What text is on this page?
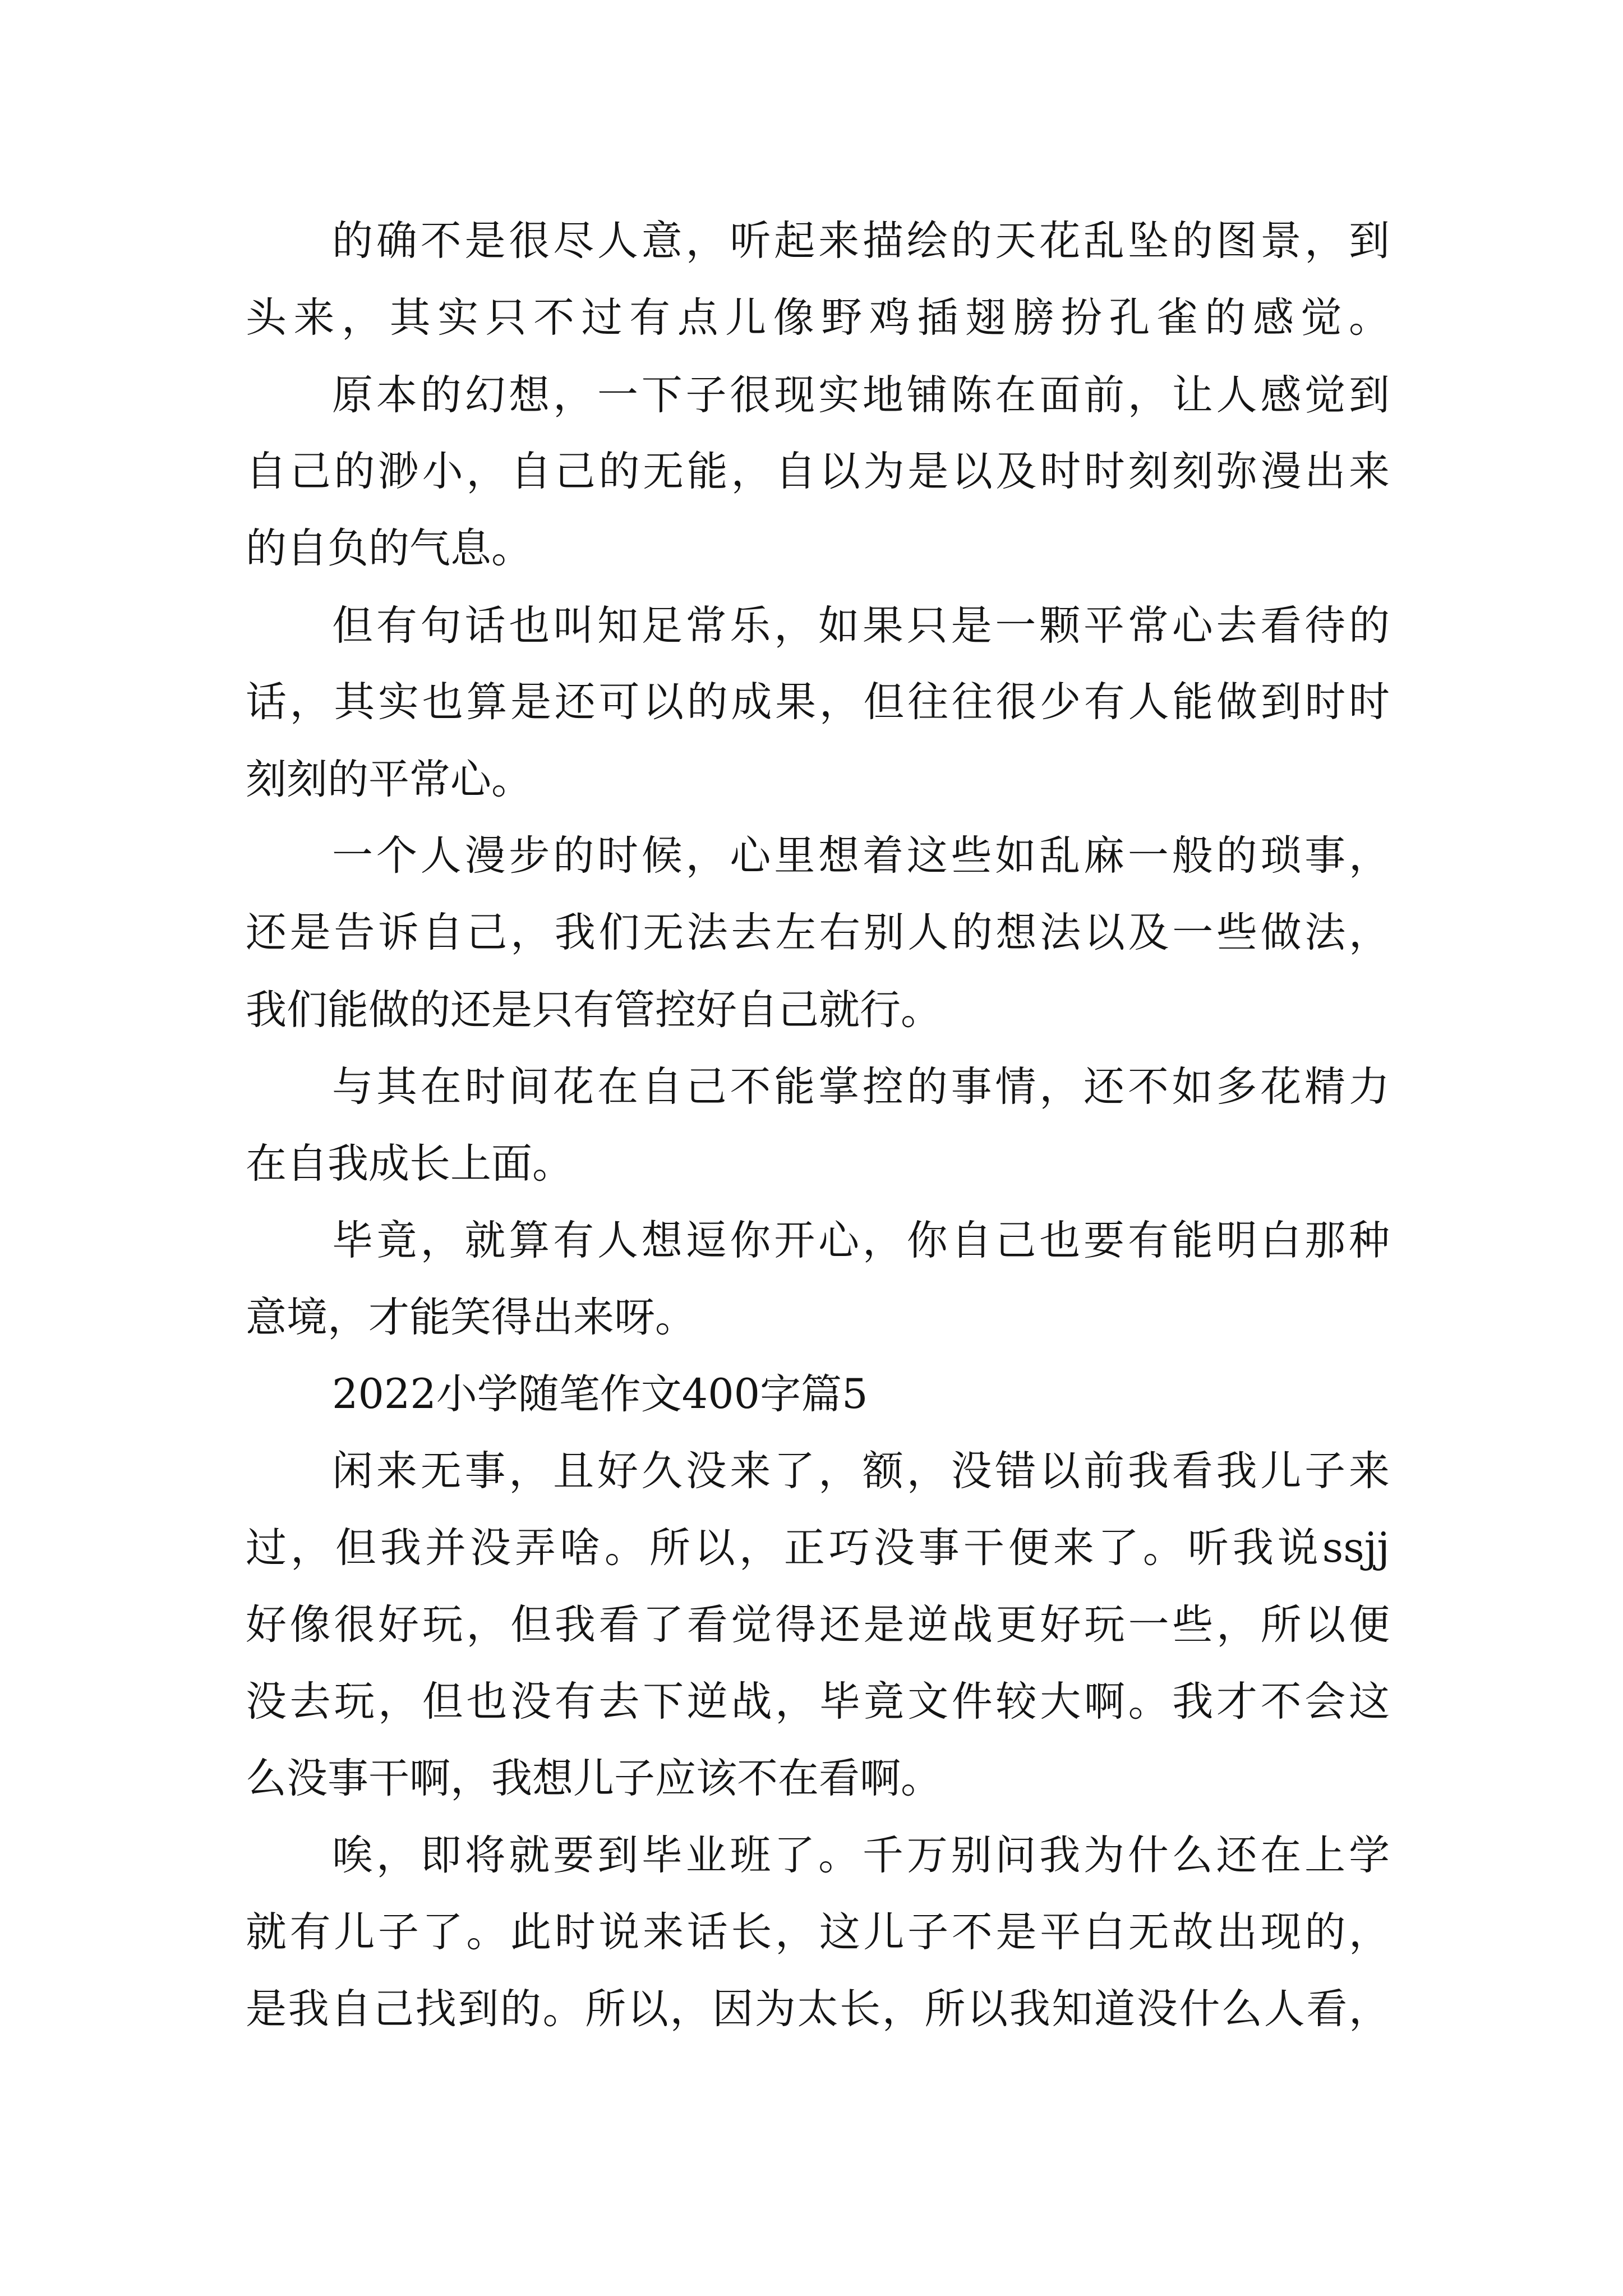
的确不是很尽人意，听起来描绘的天花乱坠的图景，到

头来，其实只不过有点儿像野鸡插翅膀扮孔雀的感觉。

原本的幻想，一下子很现实地铺陈在面前，让人感觉到

自己的渺小，自己的无能，自以为是以及时时刻刻弥漫出来

的自负的气息。

但有句话也叫知足常乐，如果只是一颗平常心去看待的

话，其实也算是还可以的成果，但往往很少有人能做到时时

刻刻的平常心。

一个人漫步的时候，心里想着这些如乱麻一般的琐事，

还是告诉自己，我们无法去左右别人的想法以及一些做法，

我们能做的还是只有管控好自己就行。

与其在时间花在自己不能掌控的事情，还不如多花精力

在自我成长上面。

毕竟，就算有人想逗你开心，你自己也要有能明白那种

意境，才能笑得出来呀。

2022小学随笔作文400字篇5

闲来无事，且好久没来了，额，没错以前我看我儿子来

过，但我并没弄啥。所以，正巧没事干便来了。听我说ssjj

好像很好玩，但我看了看觉得还是逆战更好玩一些，所以便

没去玩，但也没有去下逆战，毕竟文件较大啊。我才不会这

么没事干啊，我想儿子应该不在看啊。

唉，即将就要到毕业班了。千万别问我为什么还在上学

就有儿子了。此时说来话长，这儿子不是平白无故出现的，

是我自己找到的。所以，因为太长，所以我知道没什么人看，
